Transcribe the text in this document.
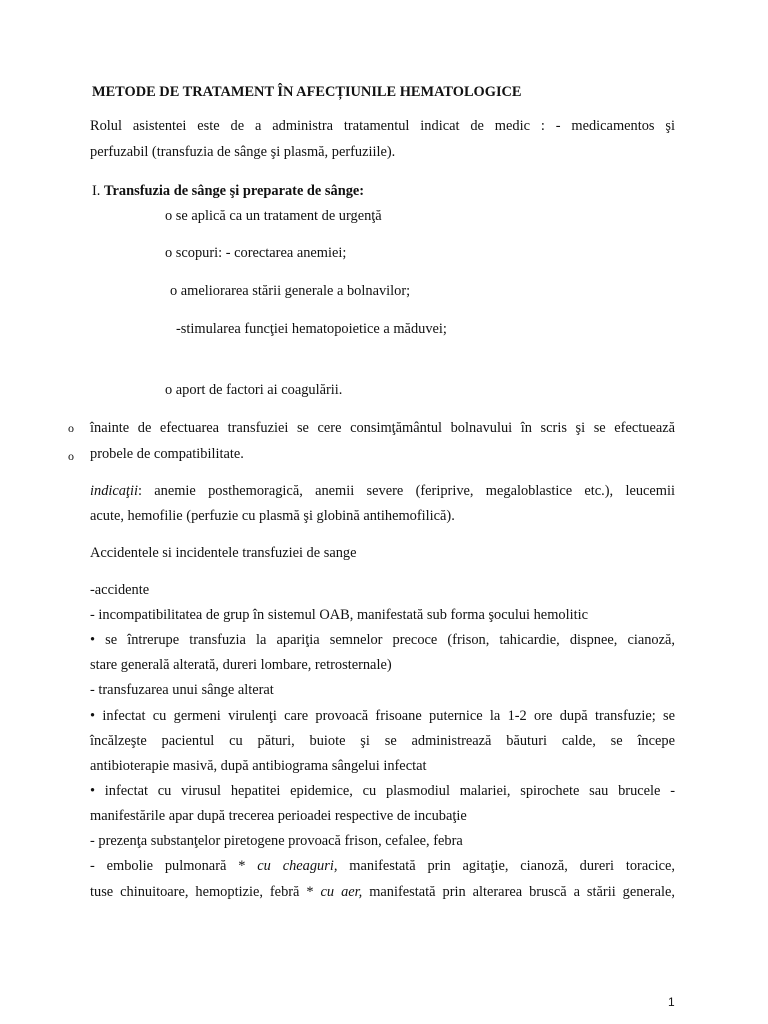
METODE DE TRATAMENT ÎN AFECȚIUNILE HEMATOLOGICE
Rolul asistentei este de a administra tratamentul indicat de medic : - medicamentos şi
perfuzabil (transfuzia de sânge şi plasmă, perfuziile).
I. Transfuzia de sânge şi preparate de sânge:
o se aplică ca un tratament de urgenţă
o scopuri: - corectarea anemiei;
o ameliorarea stării generale a bolnavilor;
-stimularea funcţiei hematopoietice a măduvei;
o aport de factori ai coagulării.
o
o
înainte de efectuarea transfuziei se cere consimţământul bolnavului în scris şi se efectuează
probele de compatibilitate.
indicaţii: anemie posthemoragică, anemii severe (feriprive, megaloblastice etc.), leucemii
acute, hemofilie (perfuzie cu plasmă şi globină antihemofilică).
Accidentele si incidentele transfuziei de sange
-accidente
- incompatibilitatea de grup în sistemul OAB, manifestată sub forma şocului hemolitic
• se întrerupe transfuzia la apariţia semnelor precoce (frison, tahicardie, dispnee, cianoză,
stare generală alterată, dureri lombare, retrosternale)
- transfuzarea unui sânge alterat
• infectat cu germeni virulenţi care provoacă frisoane puternice la 1-2 ore după transfuzie; se
încălzeşte pacientul cu pături, buiote şi se administrează băuturi calde, se începe
antibioterapie masivă, după antibiograma sângelui infectat
• infectat cu virusul hepatitei epidemice, cu plasmodiul malariei, spirochete sau brucele -
manifestările apar după trecerea perioadei respective de incubaţie
- prezenţa substanţelor piretogene provoacă frison, cefalee, febra
- embolie pulmonară * cu cheaguri, manifestată prin agitaţie, cianoză, dureri toracice,
tuse chinuitoare, hemoptizie, febră * cu aer, manifestată prin alterarea bruscă a stării generale,
1
